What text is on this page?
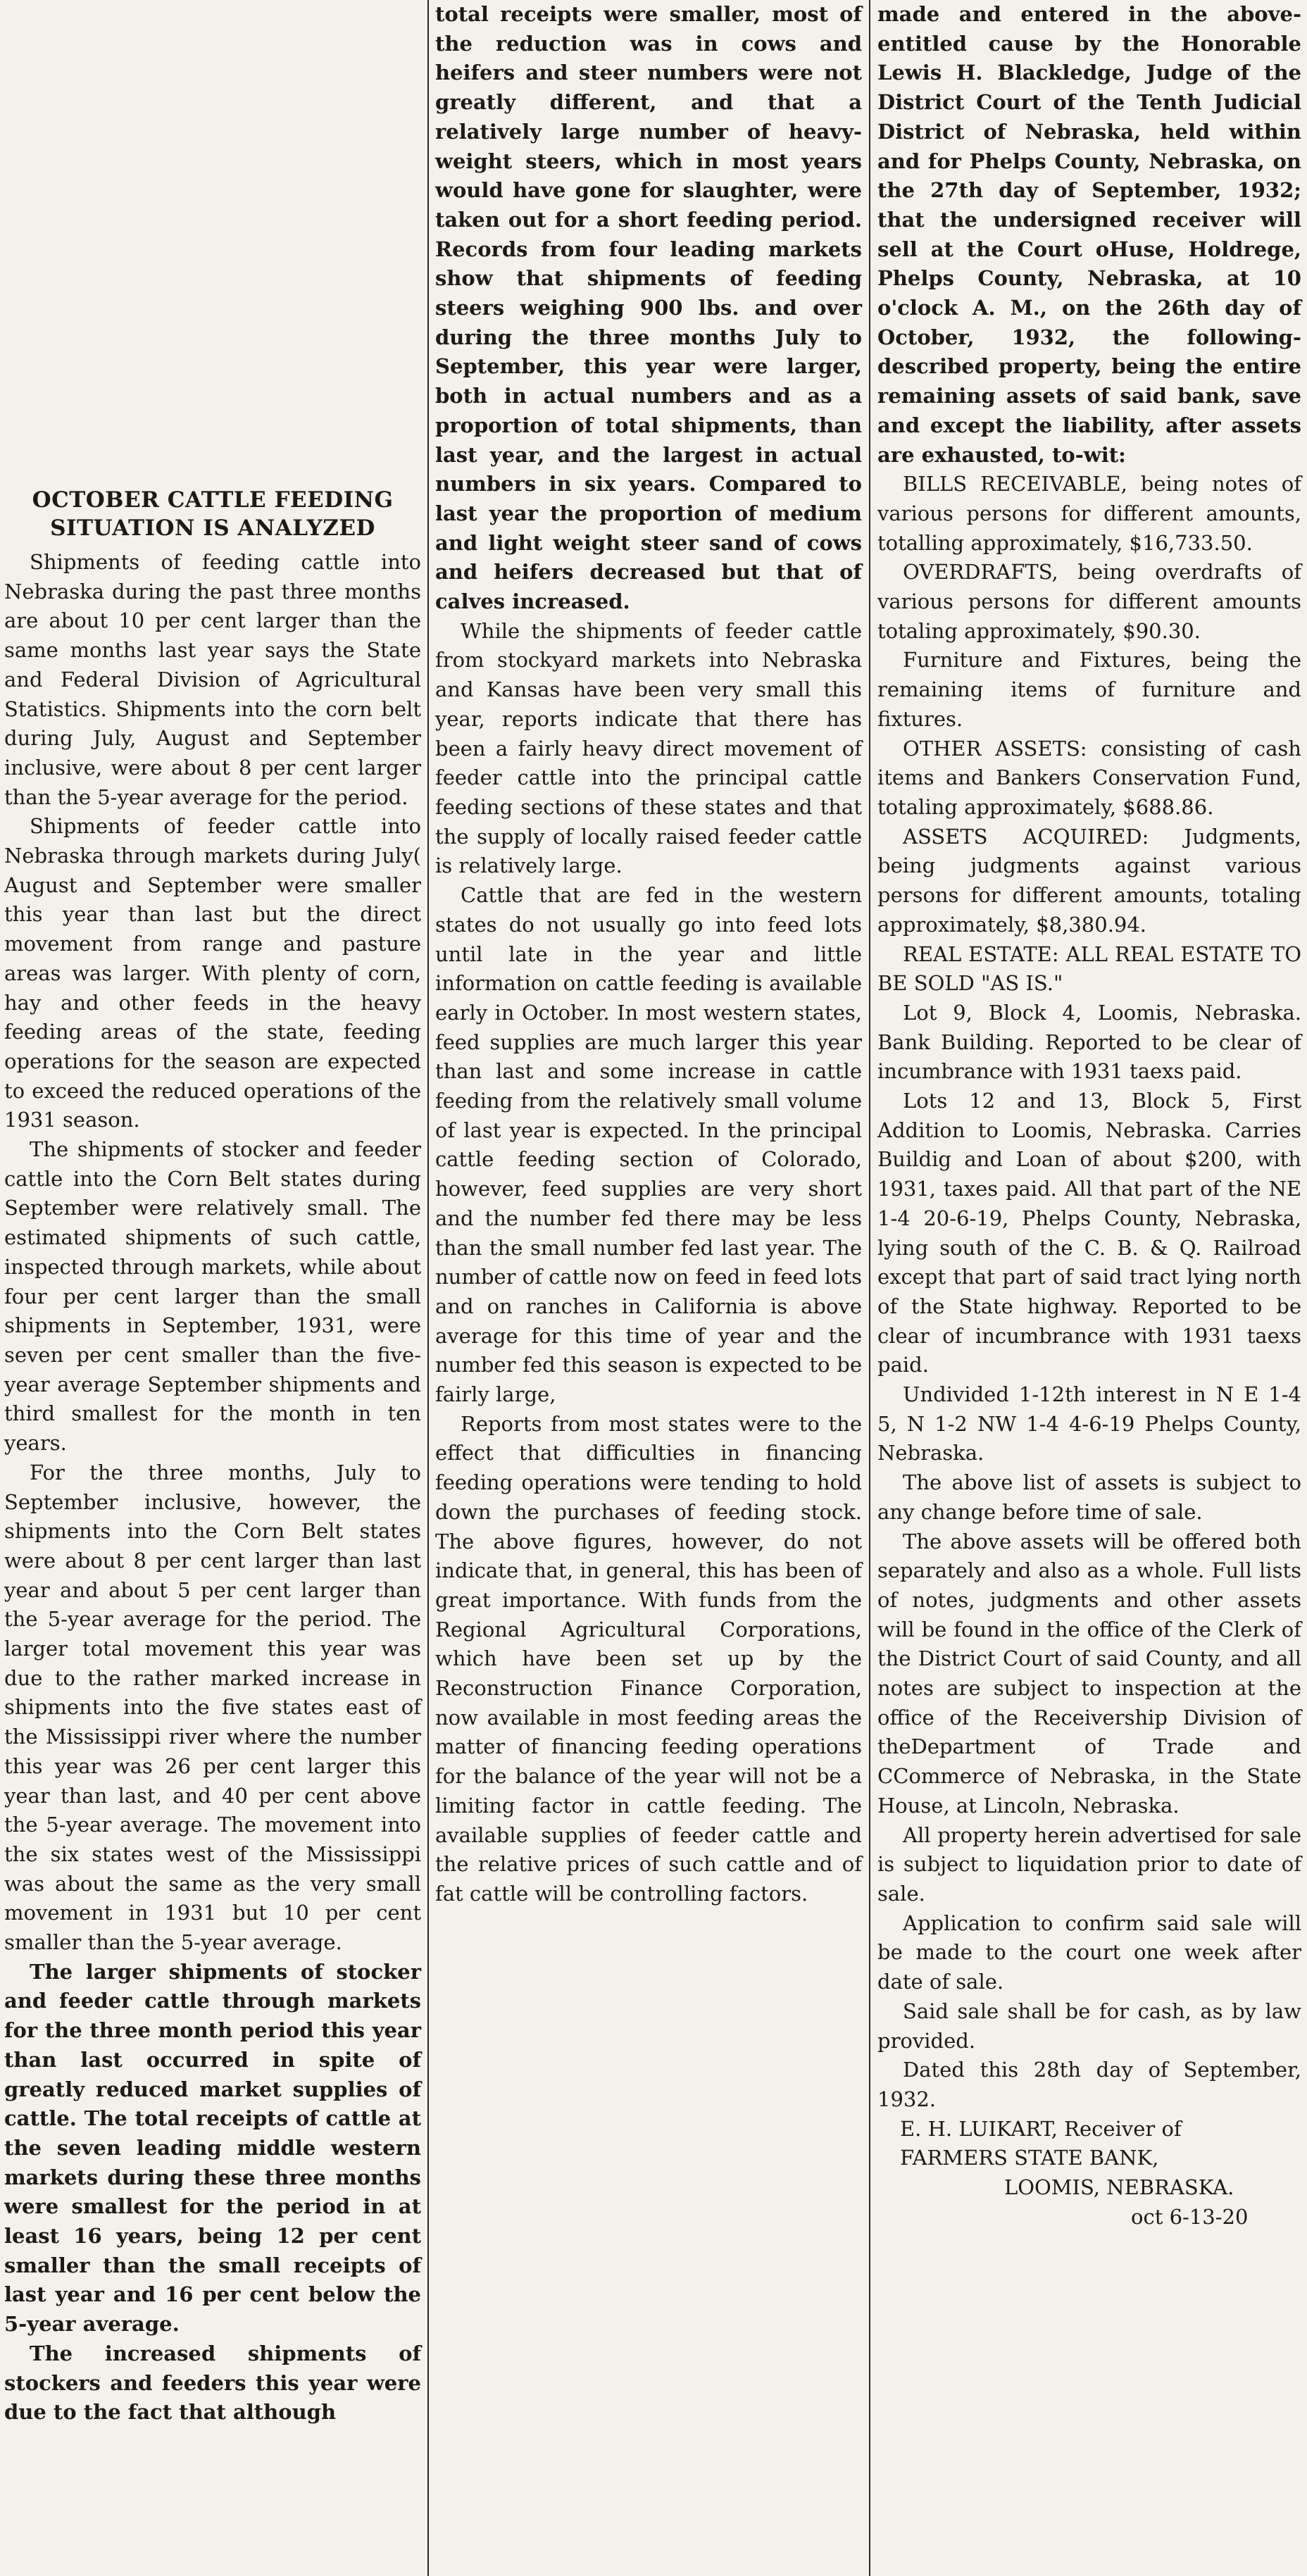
OCTOBER CATTLE FEEDING
SITUATION IS ANALYZED

Shipments of feeding cattle into Nebraska during the past three months are about 10 per cent larger than the same months last year says the State and Federal Division of Agricultural Statistics. Shipments into the corn belt during July, August and September inclusive, were about 8 per cent larger than the 5-year average for the period.

Shipments of feeder cattle into Nebraska through markets during July( August and September were smaller this year than last but the direct movement from range and pasture areas was larger. With plenty of corn, hay and other feeds in the heavy feeding areas of the state, feeding operations for the season are expected to exceed the reduced operations of the 1931 season.

The shipments of stocker and feeder cattle into the Corn Belt states during September were relatively small. The estimated shipments of such cattle, inspected through markets, while about four per cent larger than the small shipments in September, 1931, were seven per cent smaller than the five-year average September shipments and third smallest for the month in ten years.

For the three months, July to September inclusive, however, the shipments into the Corn Belt states were about 8 per cent larger than last year and about 5 per cent larger than the 5-year average for the period. The larger total movement this year was due to the rather marked increase in shipments into the five states east of the Mississippi river where the number this year was 26 per cent larger this year than last, and 40 per cent above the 5-year average. The movement into the six states west of the Mississippi was about the same as the very small movement in 1931 but 10 per cent smaller than the 5-year average.

The larger shipments of stocker and feeder cattle through markets for the three month period this year than last occurred in spite of greatly reduced market supplies of cattle. The total receipts of cattle at the seven leading middle western markets during these three months were smallest for the period in at least 16 years, being 12 per cent smaller than the small receipts of last year and 16 per cent below the 5-year average.

The increased shipments of stockers and feeders this year were due to the fact that although

total receipts were smaller, most of the reduction was in cows and heifers and steer numbers were not greatly different, and that a relatively large number of heavy-weight steers, which in most years would have gone for slaughter, were taken out for a short feeding period. Records from four leading markets show that shipments of feeding steers weighing 900 lbs. and over during the three months July to September, this year were larger, both in actual numbers and as a proportion of total shipments, than last year, and the largest in actual numbers in six years. Compared to last year the proportion of medium and light weight steer sand of cows and heifers decreased but that of calves increased.

While the shipments of feeder cattle from stockyard markets into Nebraska and Kansas have been very small this year, reports indicate that there has been a fairly heavy direct movement of feeder cattle into the principal cattle feeding sections of these states and that the supply of locally raised feeder cattle is relatively large.

Cattle that are fed in the western states do not usually go into feed lots until late in the year and little information on cattle feeding is available early in October. In most western states, feed supplies are much larger this year than last and some increase in cattle feeding from the relatively small volume of last year is expected. In the principal cattle feeding section of Colorado, however, feed supplies are very short and the number fed there may be less than the small number fed last year. The number of cattle now on feed in feed lots and on ranches in California is above average for this time of year and the number fed this season is expected to be fairly large,

Reports from most states were to the effect that difficulties in financing feeding operations were tending to hold down the purchases of feeding stock. The above figures, however, do not indicate that, in general, this has been of great importance. With funds from the Regional Agricultural Corporations, which have been set up by the Reconstruction Finance Corporation, now available in most feeding areas the matter of financing feeding operations for the balance of the year will not be a limiting factor in cattle feeding. The available supplies of feeder cattle and the relative prices of such cattle and of fat cattle will be controlling factors.

made and entered in the above-entitled cause by the Honorable Lewis H. Blackledge, Judge of the District Court of the Tenth Judicial District of Nebraska, held within and for Phelps County, Nebraska, on the 27th day of September, 1932; that the undersigned receiver will sell at the Court oHuse, Holdrege, Phelps County, Nebraska, at 10 o'clock A. M., on the 26th day of October, 1932, the following-described property, being the entire remaining assets of said bank, save and except the liability, after assets are exhausted, to-wit:

BILLS RECEIVABLE, being notes of various persons for different amounts, totalling approximately, $16,733.50.

OVERDRAFTS, being overdrafts of various persons for different amounts totaling approximately, $90.30.

Furniture and Fixtures, being the remaining items of furniture and fixtures.

OTHER ASSETS: consisting of cash items and Bankers Conservation Fund, totaling approximately, $688.86.

ASSETS ACQUIRED: Judgments, being judgments against various persons for different amounts, totaling approximately, $8,380.94.

REAL ESTATE: ALL REAL ESTATE TO BE SOLD "AS IS."

Lot 9, Block 4, Loomis, Nebraska. Bank Building. Reported to be clear of incumbrance with 1931 taexs paid.

Lots 12 and 13, Block 5, First Addition to Loomis, Nebraska. Carries Buildig and Loan of about $200, with 1931, taxes paid. All that part of the NE 1-4 20-6-19, Phelps County, Nebraska, lying south of the C. B. & Q. Railroad except that part of said tract lying north of the State highway. Reported to be clear of incumbrance with 1931 taexs paid.

Undivided 1-12th interest in N E 1-4 5, N 1-2 NW 1-4 4-6-19 Phelps County, Nebraska.

The above list of assets is subject to any change before time of sale.

The above assets will be offered both separately and also as a whole. Full lists of notes, judgments and other assets will be found in the office of the Clerk of the District Court of said County, and all notes are subject to inspection at the office of the Receivership Division of theDepartment of Trade and CCommerce of Nebraska, in the State House, at Lincoln, Nebraska.

All property herein advertised for sale is subject to liquidation prior to date of sale.

Application to confirm said sale will be made to the court one week after date of sale.

Said sale shall be for cash, as by law provided.

Dated this 28th day of September, 1932.

E. H. LUIKART, Receiver of

FARMERS STATE BANK,

LOOMIS, NEBRASKA.

oct 6-13-20
